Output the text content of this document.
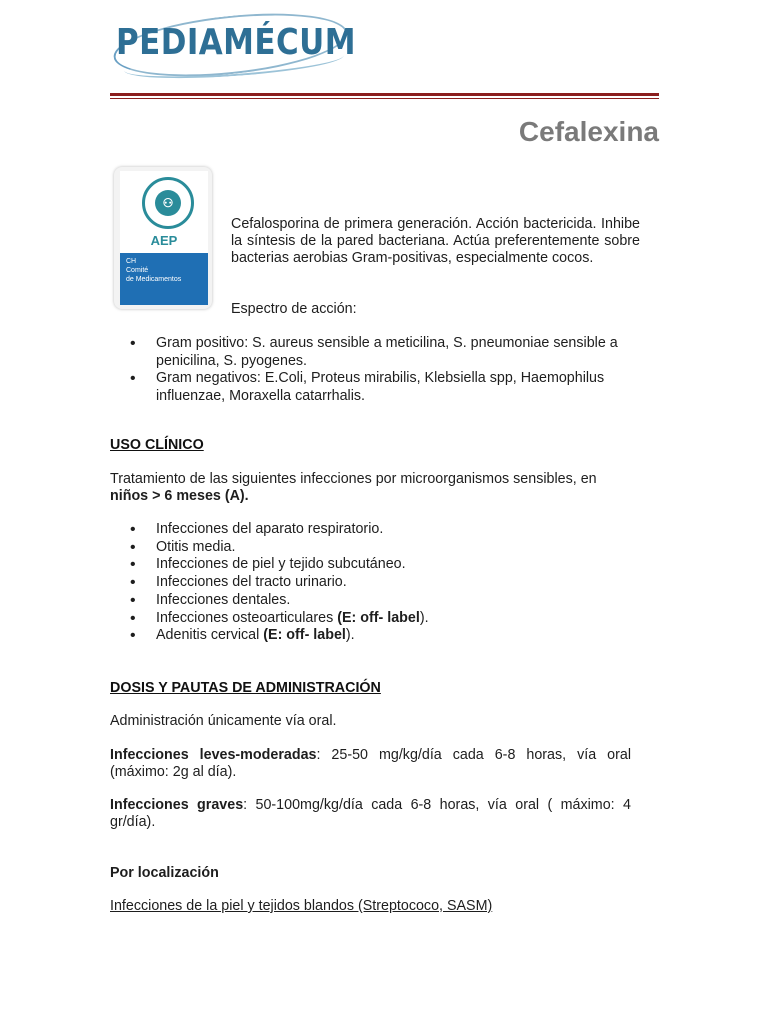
PEDIAMÉCUM
Cefalexina
⚇
AEP
CH
Comité
de Medicamentos
Cefalosporina de primera generación. Acción bactericida. Inhibe la síntesis de la pared bacteriana. Actúa preferentemente sobre bacterias aerobias Gram-positivas, especialmente cocos.
Espectro de acción:
• Gram positivo: S. aureus sensible a meticilina, S. pneumoniae sensible a penicilina, S. pyogenes.
• Gram negativos: E.Coli, Proteus mirabilis, Klebsiella spp, Haemophilus influenzae, Moraxella catarrhalis.
USO CLÍNICO
Tratamiento de las siguientes infecciones por microorganismos sensibles, en
niños > 6 meses (A).
• Infecciones del aparato respiratorio.
• Otitis media.
• Infecciones de piel y tejido subcutáneo.
• Infecciones del tracto urinario.
• Infecciones dentales.
• Infecciones osteoarticulares (E: off- label).
• Adenitis cervical (E: off- label).
DOSIS Y PAUTAS DE ADMINISTRACIÓN
Administración únicamente vía oral.
Infecciones leves-moderadas: 25-50 mg/kg/día cada 6-8 horas, vía oral (máximo: 2g al día).
Infecciones graves: 50-100mg/kg/día cada 6-8 horas, vía oral ( máximo: 4 gr/día).
Por localización
Infecciones de la piel y tejidos blandos (Streptococo, SASM)
